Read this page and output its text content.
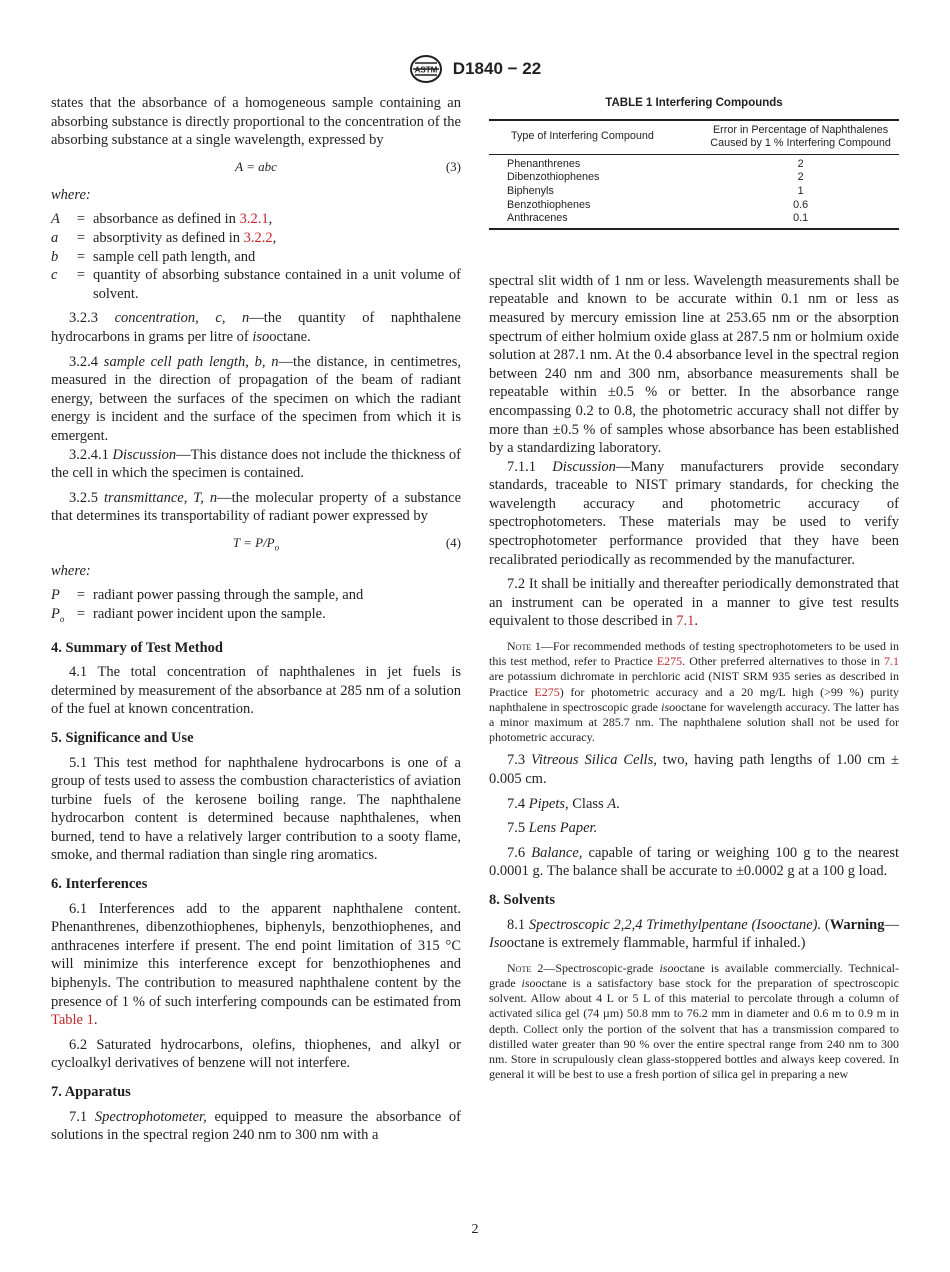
ASTM D1840 − 22

states that the absorbance of a homogeneous sample containing an absorbing substance is directly proportional to the concentration of the absorbing substance at a single wavelength, expressed by

A = abc	(3)
where:
A	= absorbance as defined in 3.2.1,
a	= absorptivity as defined in 3.2.2,
b	= sample cell path length, and
c	= quantity of absorbing substance contained in a unit volume of solvent.

3.2.3 concentration, c, n—the quantity of naphthalene hydrocarbons in grams per litre of isooctane.

3.2.4 sample cell path length, b, n—the distance, in centimetres, measured in the direction of propagation of the beam of radiant energy, between the surfaces of the specimen on which the radiant energy is incident and the surface of the specimen from which it is emergent.

3.2.4.1 Discussion—This distance does not include the thickness of the cell in which the specimen is contained.

3.2.5 transmittance, T, n—the molecular property of a substance that determines its transportability of radiant power expressed by

$T = P/P_o$	(4)
where:
P	= radiant power passing through the sample, and
$P_o$ = radiant power incident upon the sample.
4. Summary of Test Method

4.1 The total concentration of naphthalenes in jet fuels is determined by measurement of the absorbance at 285 nm of a solution of the fuel at known concentration.

5. Significance and Use

5.1 This test method for naphthalene hydrocarbons is one of a group of tests used to assess the combustion characteristics of aviation turbine fuels of the kerosene boiling range. The naphthalene hydrocarbon content is determined because naphthalenes, when burned, tend to have a relatively larger contribution to a sooty flame, smoke, and thermal radiation than single ring aromatics.

6. Interferences

6.1 Interferences add to the apparent naphthalene content. Phenanthrenes, dibenzothiophenes, biphenyls, benzothiophenes, and anthracenes interfere if present. The end point limitation of 315 °C will minimize this interference except for benzothiophenes and biphenyls. The contribution to measured naphthalene content by the presence of 1 % of such interfering compounds can be estimated from Table 1.

6.2 Saturated hydrocarbons, olefins, thiophenes, and alkyl or cycloalkyl derivatives of benzene will not interfere.

7. Apparatus

7.1 Spectrophotometer, equipped to measure the absorbance of solutions in the spectral region 240 nm to 300 nm with a

TABLE 1 Interfering Compounds
Type of Interfering Compound	Error in Percentage of Naphthalenes Caused by 1 % Interfering Compound
Phenanthrenes	2
Dibenzothiophenes	2
Biphenyls	1
Benzothiophenes	0.6
Anthracenes	0.1

spectral slit width of 1 nm or less. Wavelength measurements shall be repeatable and known to be accurate within 0.1 nm or less as measured by mercury emission line at 253.65 nm or the absorption spectrum of either holmium oxide glass at 287.5 nm or holmium oxide solution at 287.1 nm. At the 0.4 absorbance level in the spectral region between 240 nm and 300 nm, absorbance measurements shall be repeatable within ±0.5 % or better. In the absorbance range encompassing 0.2 to 0.8, the photometric accuracy shall not differ by more than ±0.5 % of samples whose absorbance has been established by a standardizing laboratory.

7.1.1 Discussion—Many manufacturers provide secondary standards, traceable to NIST primary standards, for checking the wavelength accuracy and photometric accuracy of spectrophotometers. These materials may be used to verify spectrophotometer performance provided that they have been recalibrated periodically as recommended by the manufacturer.

7.2 It shall be initially and thereafter periodically demonstrated that an instrument can be operated in a manner to give test results equivalent to those described in 7.1.

Note 1—For recommended methods of testing spectrophotometers to be used in this test method, refer to Practice E275. Other preferred alternatives to those in 7.1 are potassium dichromate in perchloric acid (NIST SRM 935 series as described in Practice E275) for photometric accuracy and a 20 mg/L high (>99 %) purity naphthalene in spectroscopic grade isooctane for wavelength accuracy. The latter has a minor maximum at 285.7 nm. The naphthalene solution shall not be used for photometric accuracy.

7.3 Vitreous Silica Cells, two, having path lengths of 1.00 cm ± 0.005 cm.

7.4 Pipets, Class A.

7.5 Lens Paper.

7.6 Balance, capable of taring or weighing 100 g to the nearest 0.0001 g. The balance shall be accurate to ±0.0002 g at a 100 g load.

8. Solvents

8.1 Spectroscopic 2,2,4 Trimethylpentane (Isooctane). (Warning—Isooctane is extremely flammable, harmful if inhaled.)

Note 2—Spectroscopic-grade isooctane is available commercially. Technical-grade isooctane is a satisfactory base stock for the preparation of spectroscopic solvent. Allow about 4 L or 5 L of this material to percolate through a column of activated silica gel (74 µm) 50.8 mm to 76.2 mm in diameter and 0.6 m to 0.9 m in depth. Collect only the portion of the solvent that has a transmission compared to distilled water greater than 90 % over the entire spectral range from 240 nm to 300 nm. Store in scrupulously clean glass-stoppered bottles and always keep covered. In general it will be best to use a fresh portion of silica gel in preparing a new

2
